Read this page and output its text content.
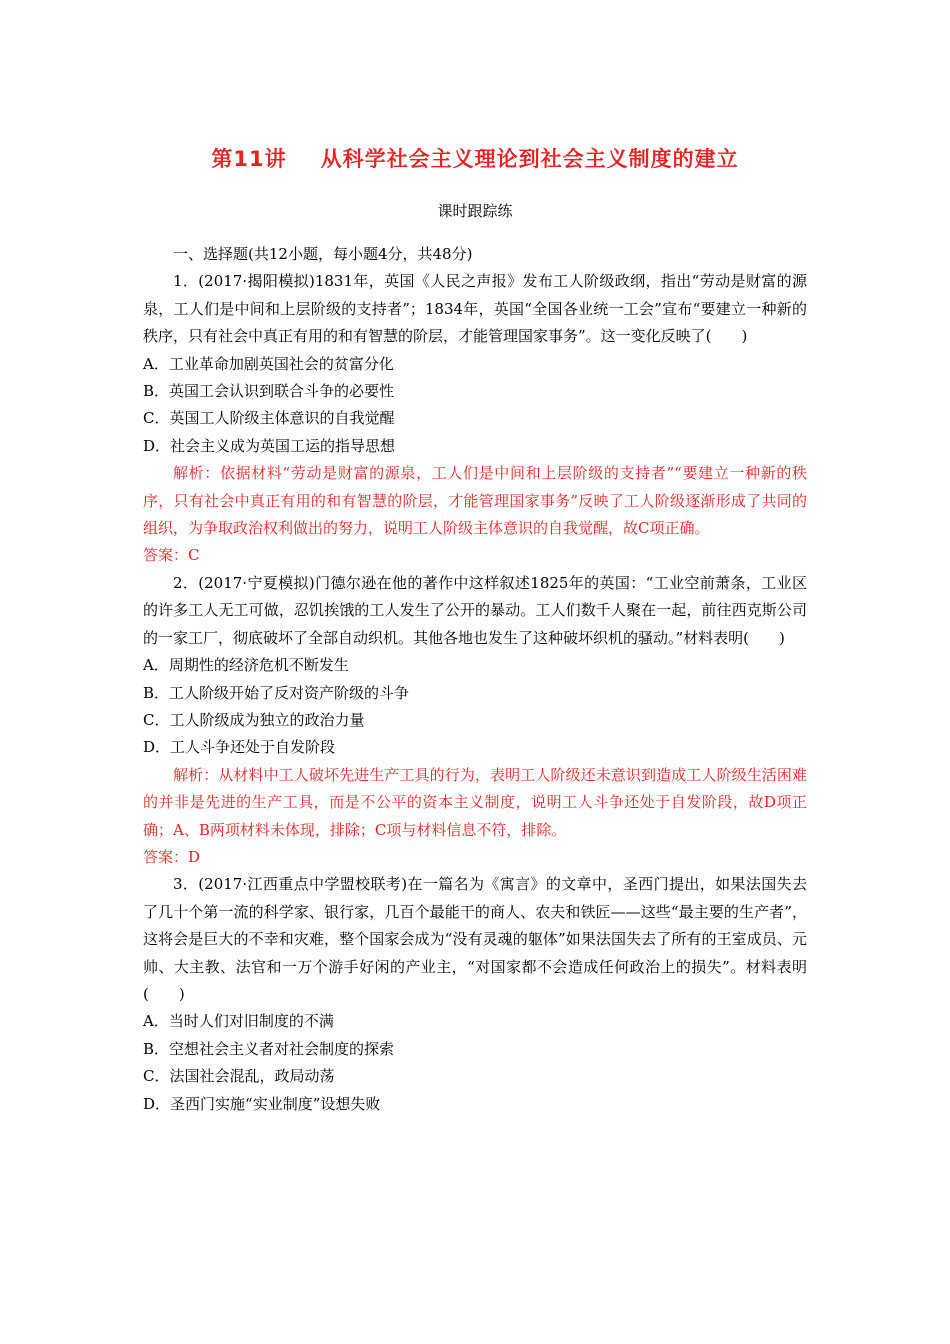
第11讲 从科学社会主义理论到社会主义制度的建立
课时跟踪练

一、选择题(共12小题，每小题4分，共48分)

1．(2017·揭阳模拟)1831年，英国《人民之声报》发布工人阶级政纲，指出“劳动是财富的源泉，工人们是中间和上层阶级的支持者”；1834年，英国“全国各业统一工会”宣布“要建立一种新的秩序，只有社会中真正有用的和有智慧的阶层，才能管理国家事务”。这一变化反映了(　　)

A．工业革命加剧英国社会的贫富分化

B．英国工会认识到联合斗争的必要性

C．英国工人阶级主体意识的自我觉醒

D．社会主义成为英国工运的指导思想

解析：依据材料“劳动是财富的源泉，工人们是中间和上层阶级的支持者”“要建立一种新的秩序，只有社会中真正有用的和有智慧的阶层，才能管理国家事务”反映了工人阶级逐渐形成了共同的组织，为争取政治权利做出的努力，说明工人阶级主体意识的自我觉醒，故C项正确。

答案：C

2．(2017·宁夏模拟)门德尔逊在他的著作中这样叙述1825年的英国：“工业空前萧条，工业区的许多工人无工可做，忍饥挨饿的工人发生了公开的暴动。工人们数千人聚在一起，前往西克斯公司的一家工厂，彻底破坏了全部自动织机。其他各地也发生了这种破坏织机的骚动。”材料表明(　　)

A．周期性的经济危机不断发生

B．工人阶级开始了反对资产阶级的斗争

C．工人阶级成为独立的政治力量

D．工人斗争还处于自发阶段

解析：从材料中工人破坏先进生产工具的行为，表明工人阶级还未意识到造成工人阶级生活困难的并非是先进的生产工具，而是不公平的资本主义制度，说明工人斗争还处于自发阶段，故D项正确；A、B两项材料未体现，排除；C项与材料信息不符，排除。

答案：D

3．(2017·江西重点中学盟校联考)在一篇名为《寓言》的文章中，圣西门提出，如果法国失去了几十个第一流的科学家、银行家，几百个最能干的商人、农夫和铁匠——这些“最主要的生产者”，这将会是巨大的不幸和灾难，整个国家会成为“没有灵魂的躯体”如果法国失去了所有的王室成员、元帅、大主教、法官和一万个游手好闲的产业主，“对国家都不会造成任何政治上的损失”。材料表明(　　)

A．当时人们对旧制度的不满

B．空想社会主义者对社会制度的探索

C．法国社会混乱，政局动荡

D．圣西门实施“实业制度”设想失败
